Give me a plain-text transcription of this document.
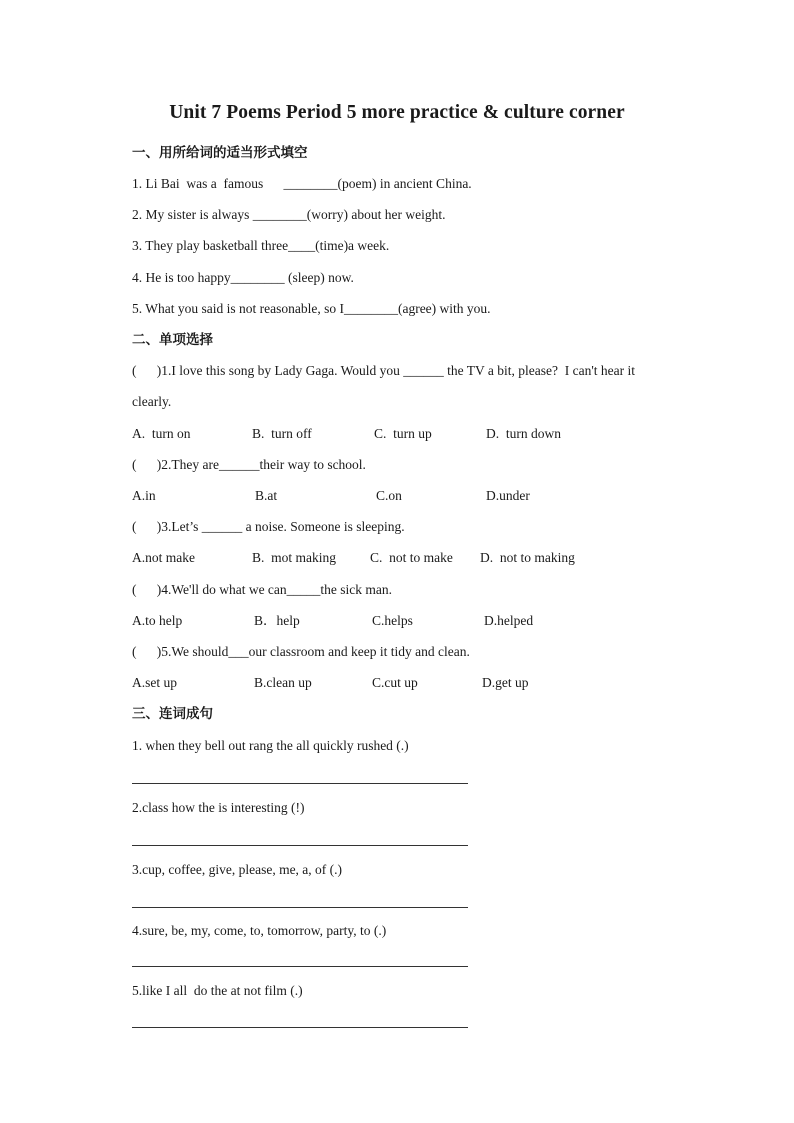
Unit 7 Poems Period 5 more practice & culture corner
一、用所给词的适当形式填空
1. Li Bai  was a  famous      ________(poem) in ancient China.
2. My sister is always ________(worry) about her weight.
3. They play basketball three____(time)a week.
4. He is too happy________ (sleep) now.
5. What you said is not reasonable, so I________(agree) with you.
二、单项选择
(      )1.I love this song by Lady Gaga. Would you ______ the TV a bit, please?  I can't hear it
clearly.
A.  turn on	B.  turn off	C.  turn up	D.  turn down
(      )2.They are______their way to school.
A.in	B.at	C.on	D.under
(      )3.Let’s ______ a noise. Someone is sleeping.
A.not make	B.  mot making	C.  not to make D.  not to making
(      )4.We'll do what we can_____the sick man.
A.to help	B．help	C.helps	D.helped
(      )5.We should___our classroom and keep it tidy and clean.
A.set up	B.clean up	C.cut up	D.get up
三、连词成句
1. when they bell out rang the all quickly rushed (.)
2.class how the is interesting (!)
3.cup, coffee, give, please, me, a, of (.)
4.sure, be, my, come, to, tomorrow, party, to (.)
5.like I all  do the at not film (.)
